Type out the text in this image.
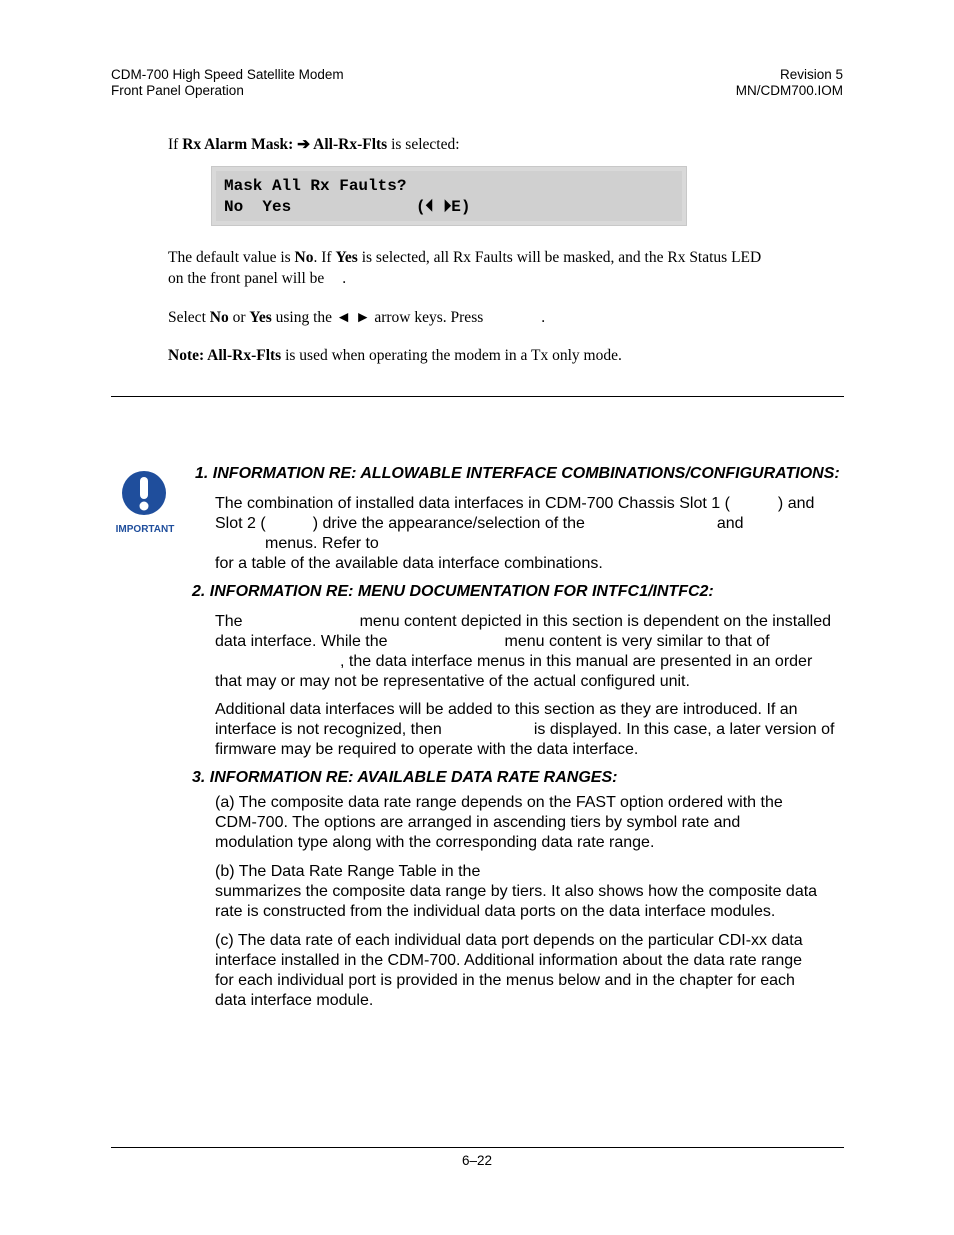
CDM-700 High Speed Satellite Modem
Front Panel Operation
Revision 5
MN/CDM700.IOM
If Rx Alarm Mask: ➔ All-Rx-Flts is selected:
Mask All Rx Faults?
No  Yes             (⏴ ⏵E)
The default value is No. If Yes is selected, all Rx Faults will be masked, and the Rx Status LED
on the front panel will be .
Select No or Yes using the ◄ ► arrow keys. Press	.
Note: All-Rx-Flts is used when operating the modem in a Tx only mode.
IMPORTANT
1. INFORMATION RE: ALLOWABLE INTERFACE COMBINATIONS/CONFIGURATIONS:
The combination of installed data interfaces in CDM-700 Chassis Slot 1 (	) and
Slot 2 (	) drive the appearance/selection of the	and
menus. Refer to
for a table of the available data interface combinations.
2. INFORMATION RE: MENU DOCUMENTATION FOR INTFC1/INTFC2:
The	menu content depicted in this section is dependent on the installed
data interface. While the	menu content is very similar to that of
, the data interface menus in this manual are presented in an order
that may or may not be representative of the actual configured unit.
Additional data interfaces will be added to this section as they are introduced. If an
interface is not recognized, then	is displayed. In this case, a later version of
firmware may be required to operate with the data interface.
3. INFORMATION RE: AVAILABLE DATA RATE RANGES:
(a) The composite data rate range depends on the FAST option ordered with the
CDM-700. The options are arranged in ascending tiers by symbol rate and
modulation type along with the corresponding data rate range.
(b) The Data Rate Range Table in the
summarizes the composite data range by tiers. It also shows how the composite data
rate is constructed from the individual data ports on the data interface modules.
(c) The data rate of each individual data port depends on the particular CDI-xx data
interface installed in the CDM-700. Additional information about the data rate range
for each individual port is provided in the menus below and in the chapter for each
data interface module.
6–22
